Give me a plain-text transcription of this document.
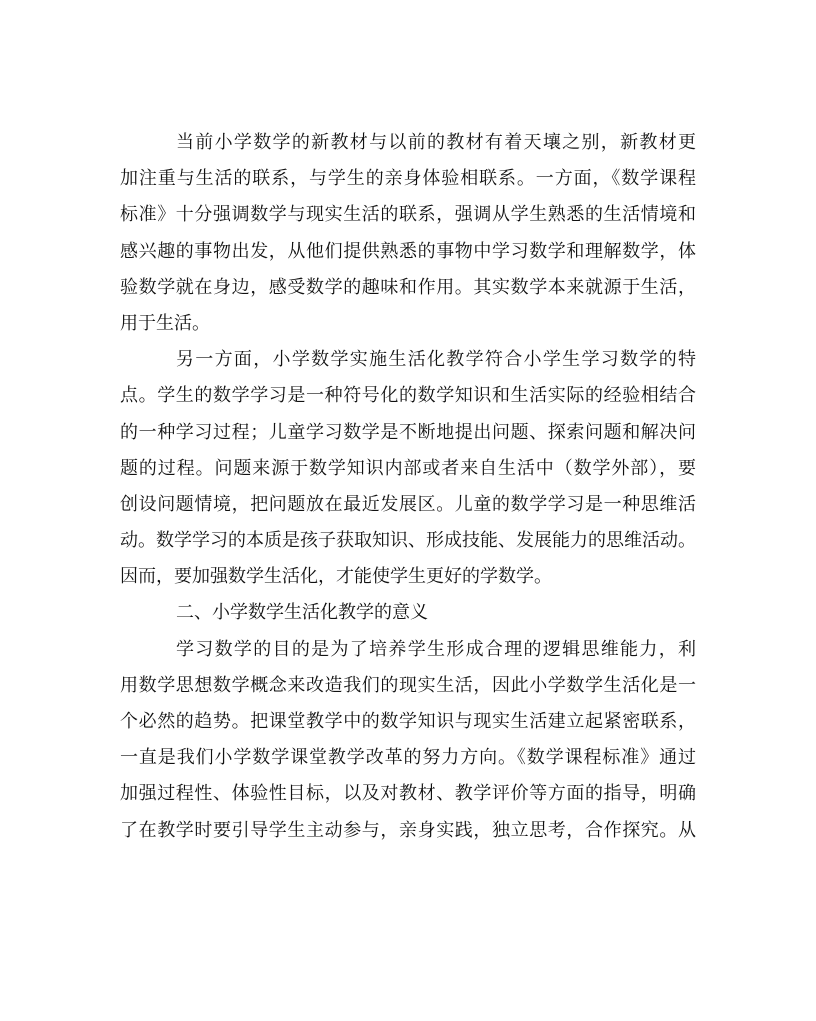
当前小学数学的新教材与以前的教材有着天壤之别，新教材更
加注重与生活的联系，与学生的亲身体验相联系。一方面，《数学课程
标准》十分强调数学与现实生活的联系，强调从学生熟悉的生活情境和
感兴趣的事物出发，从他们提供熟悉的事物中学习数学和理解数学，体
验数学就在身边，感受数学的趣味和作用。其实数学本来就源于生活，
用于生活。
另一方面，小学数学实施生活化教学符合小学生学习数学的特
点。学生的数学学习是一种符号化的数学知识和生活实际的经验相结合
的一种学习过程；儿童学习数学是不断地提出问题、探索问题和解决问
题的过程。问题来源于数学知识内部或者来自生活中（数学外部），要
创设问题情境，把问题放在最近发展区。儿童的数学学习是一种思维活
动。数学学习的本质是孩子获取知识、形成技能、发展能力的思维活动。
因而，要加强数学生活化，才能使学生更好的学数学。
二、小学数学生活化教学的意义
学习数学的目的是为了培养学生形成合理的逻辑思维能力，利
用数学思想数学概念来改造我们的现实生活，因此小学数学生活化是一
个必然的趋势。把课堂教学中的数学知识与现实生活建立起紧密联系，
一直是我们小学数学课堂教学改革的努力方向。《数学课程标准》通过
加强过程性、体验性目标，以及对教材、教学评价等方面的指导，明确
了在教学时要引导学生主动参与，亲身实践，独立思考，合作探究。从
